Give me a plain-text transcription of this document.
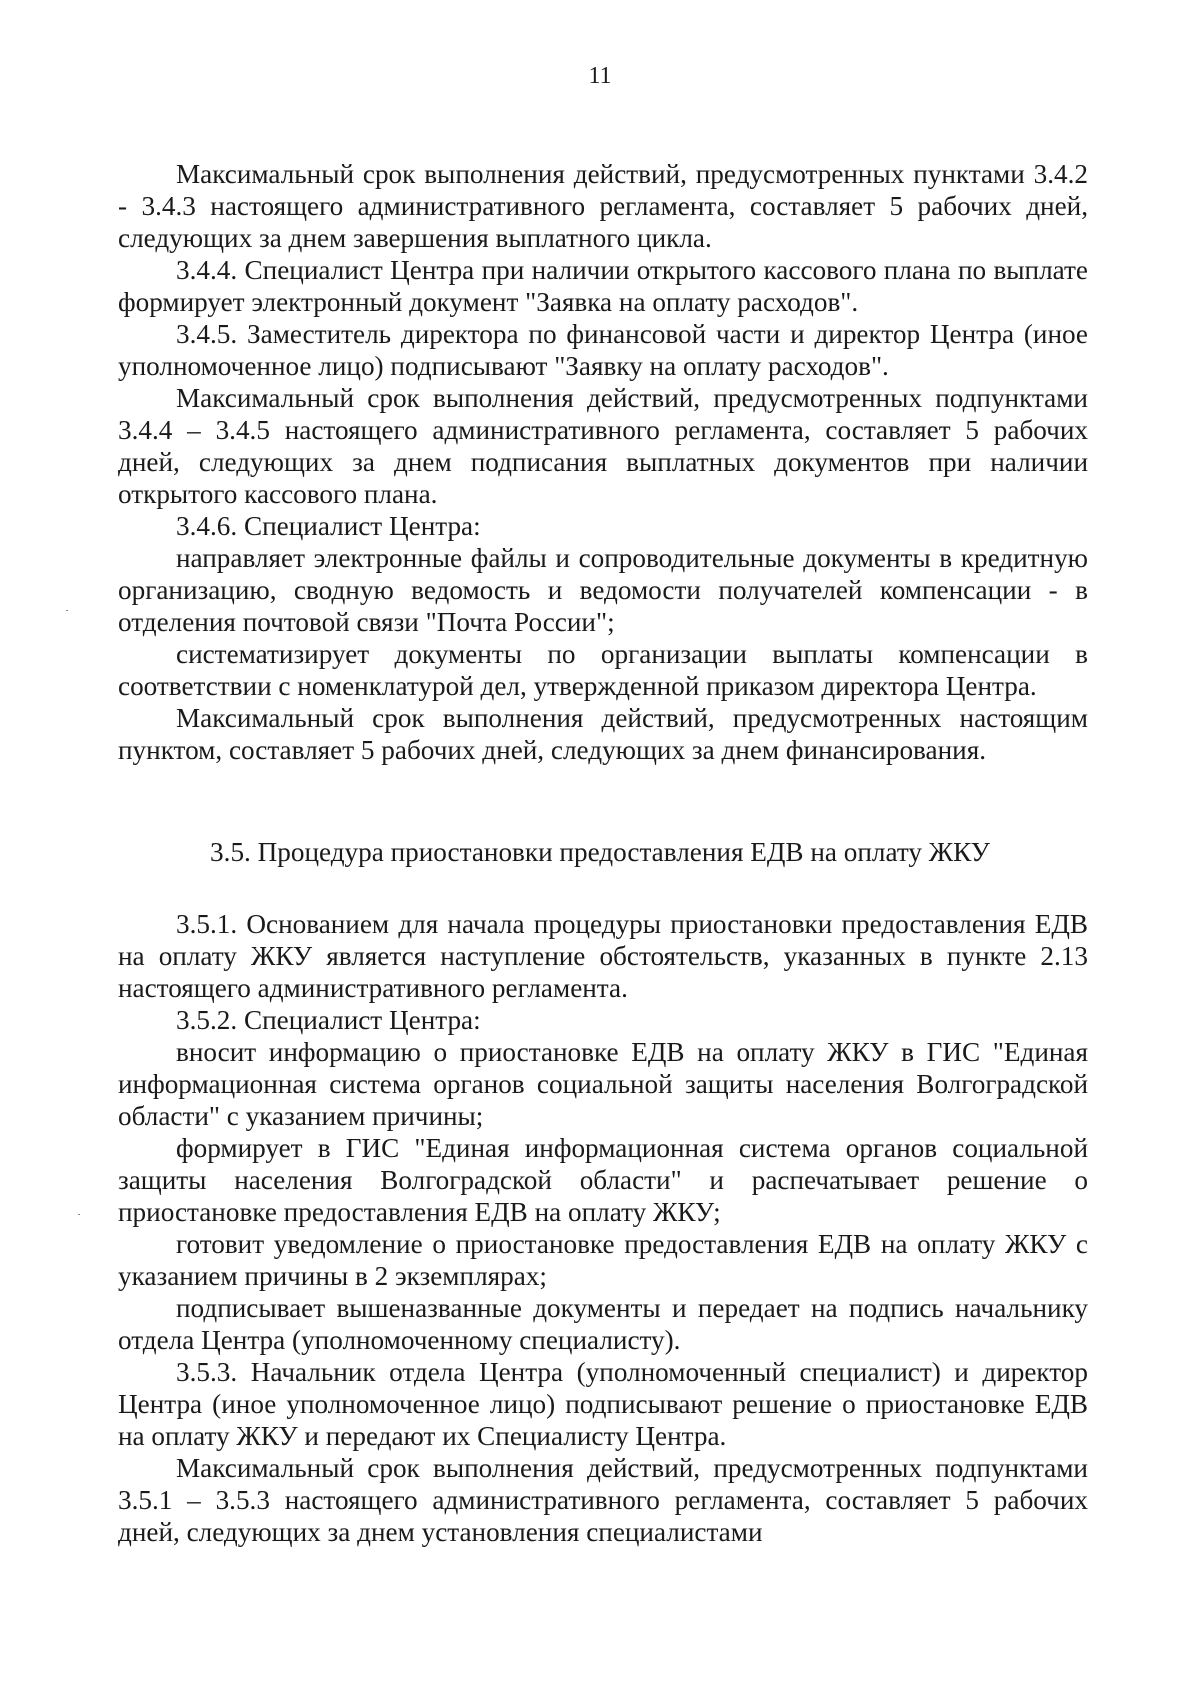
11

Максимальный срок выполнения действий, предусмотренных пунктами 3.4.2 - 3.4.3 настоящего административного регламента, составляет 5 рабочих дней, следующих за днем завершения выплатного цикла.

3.4.4. Специалист Центра при наличии открытого кассового плана по выплате формирует электронный документ "Заявка на оплату расходов".

3.4.5. Заместитель директора по финансовой части и директор Центра (иное уполномоченное лицо) подписывают "Заявку на оплату расходов".

Максимальный срок выполнения действий, предусмотренных подпунктами 3.4.4 – 3.4.5 настоящего административного регламента, составляет 5 рабочих дней, следующих за днем подписания выплатных документов при наличии открытого кассового плана.

3.4.6. Специалист Центра:

направляет электронные файлы и сопроводительные документы в кредитную организацию, сводную ведомость и ведомости получателей компенсации - в отделения почтовой связи "Почта России";

систематизирует документы по организации выплаты компенсации в соответствии с номенклатурой дел, утвержденной приказом директора Центра.

Максимальный срок выполнения действий, предусмотренных настоящим пунктом, составляет 5 рабочих дней, следующих за днем финансирования.

3.5. Процедура приостановки предоставления ЕДВ на оплату ЖКУ

3.5.1. Основанием для начала процедуры приостановки предоставления ЕДВ на оплату ЖКУ является наступление обстоятельств, указанных в пункте 2.13 настоящего административного регламента.

3.5.2. Специалист Центра:

вносит информацию о приостановке ЕДВ на оплату ЖКУ в ГИС "Единая информационная система органов социальной защиты населения Волгоградской области" с указанием причины;

формирует в ГИС "Единая информационная система органов социальной защиты населения Волгоградской области" и распечатывает решение о приостановке предоставления ЕДВ на оплату ЖКУ;

готовит уведомление о приостановке предоставления ЕДВ на оплату ЖКУ с указанием причины в 2 экземплярах;

подписывает вышеназванные документы и передает на подпись начальнику отдела Центра (уполномоченному специалисту).

3.5.3. Начальник отдела Центра (уполномоченный специалист) и директор Центра (иное уполномоченное лицо) подписывают решение о приостановке ЕДВ на оплату ЖКУ и передают их Специалисту Центра.

Максимальный срок выполнения действий, предусмотренных подпунктами 3.5.1 – 3.5.3 настоящего административного регламента, составляет 5 рабочих дней, следующих за днем установления специалистами
